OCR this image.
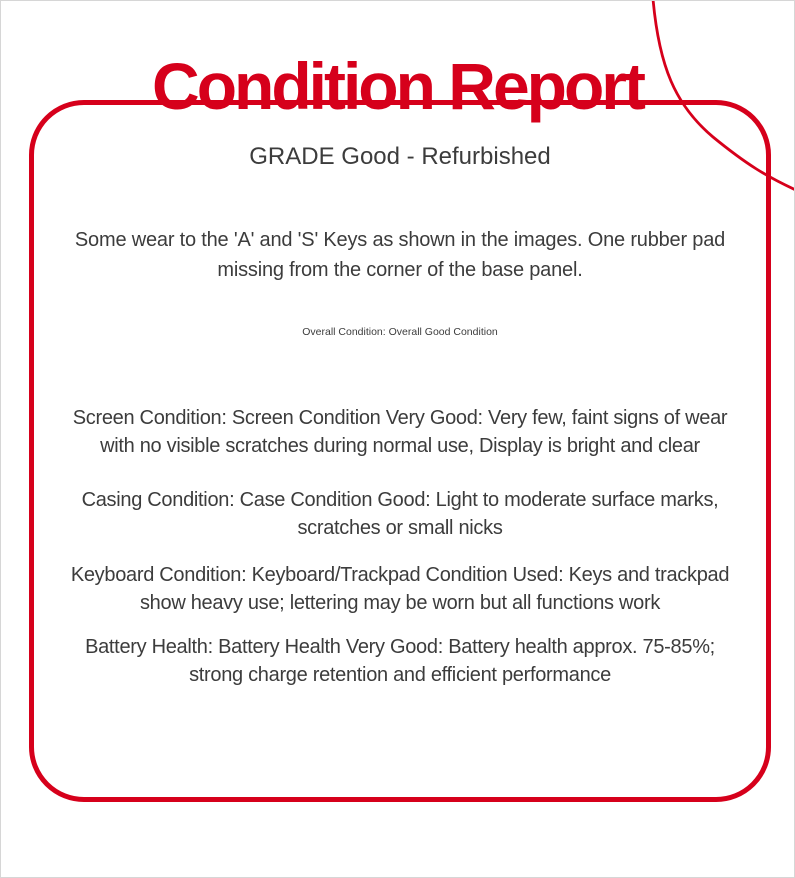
Condition Report
GRADE Good - Refurbished
Some wear to the 'A' and 'S' Keys as shown in the images. One rubber pad
missing from the corner of the base panel.
Overall Condition: Overall Good Condition
Screen Condition: Screen Condition Very Good: Very few, faint signs of wear
with no visible scratches during normal use, Display is bright and clear
Casing Condition: Case Condition Good: Light to moderate surface marks,
scratches or small nicks
Keyboard Condition: Keyboard/Trackpad Condition Used: Keys and trackpad
show heavy use; lettering may be worn but all functions work
Battery Health: Battery Health Very Good: Battery health approx. 75-85%;
strong charge retention and efficient performance
